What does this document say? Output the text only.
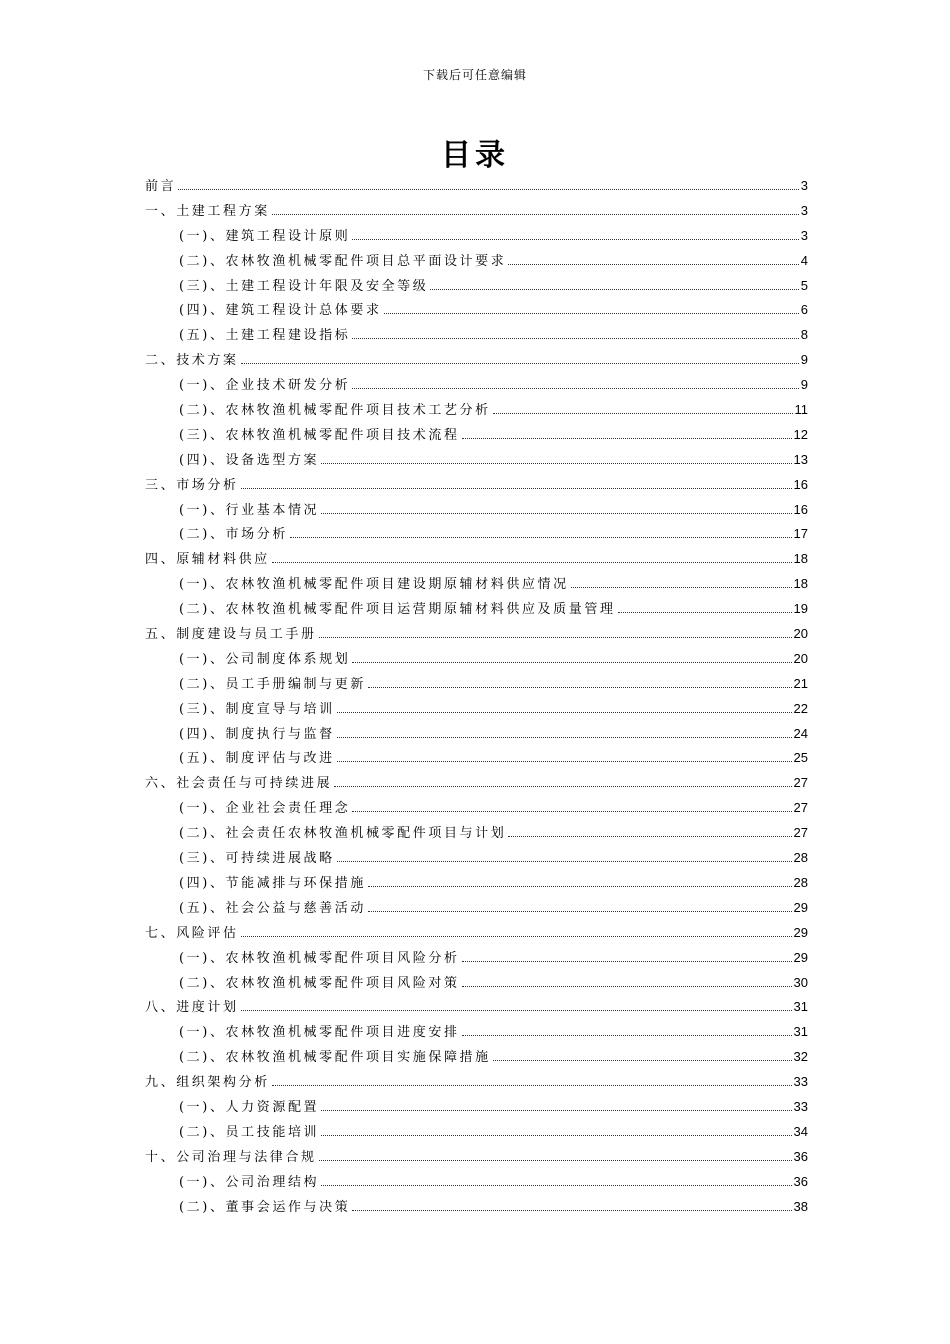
下载后可任意编辑
目录
前言	3
一、土建工程方案	3
(一)、建筑工程设计原则	3
(二)、农林牧渔机械零配件项目总平面设计要求	4
(三)、土建工程设计年限及安全等级	5
(四)、建筑工程设计总体要求	6
(五)、土建工程建设指标	8
二、技术方案	9
(一)、企业技术研发分析	9
(二)、农林牧渔机械零配件项目技术工艺分析	11
(三)、农林牧渔机械零配件项目技术流程	12
(四)、设备选型方案	13
三、市场分析	16
(一)、行业基本情况	16
(二)、市场分析	17
四、原辅材料供应	18
(一)、农林牧渔机械零配件项目建设期原辅材料供应情况	18
(二)、农林牧渔机械零配件项目运营期原辅材料供应及质量管理	19
五、制度建设与员工手册	20
(一)、公司制度体系规划	20
(二)、员工手册编制与更新	21
(三)、制度宣导与培训	22
(四)、制度执行与监督	24
(五)、制度评估与改进	25
六、社会责任与可持续进展	27
(一)、企业社会责任理念	27
(二)、社会责任农林牧渔机械零配件项目与计划	27
(三)、可持续进展战略	28
(四)、节能减排与环保措施	28
(五)、社会公益与慈善活动	29
七、风险评估	29
(一)、农林牧渔机械零配件项目风险分析	29
(二)、农林牧渔机械零配件项目风险对策	30
八、进度计划	31
(一)、农林牧渔机械零配件项目进度安排	31
(二)、农林牧渔机械零配件项目实施保障措施	32
九、组织架构分析	33
(一)、人力资源配置	33
(二)、员工技能培训	34
十、公司治理与法律合规	36
(一)、公司治理结构	36
(二)、董事会运作与决策	38
